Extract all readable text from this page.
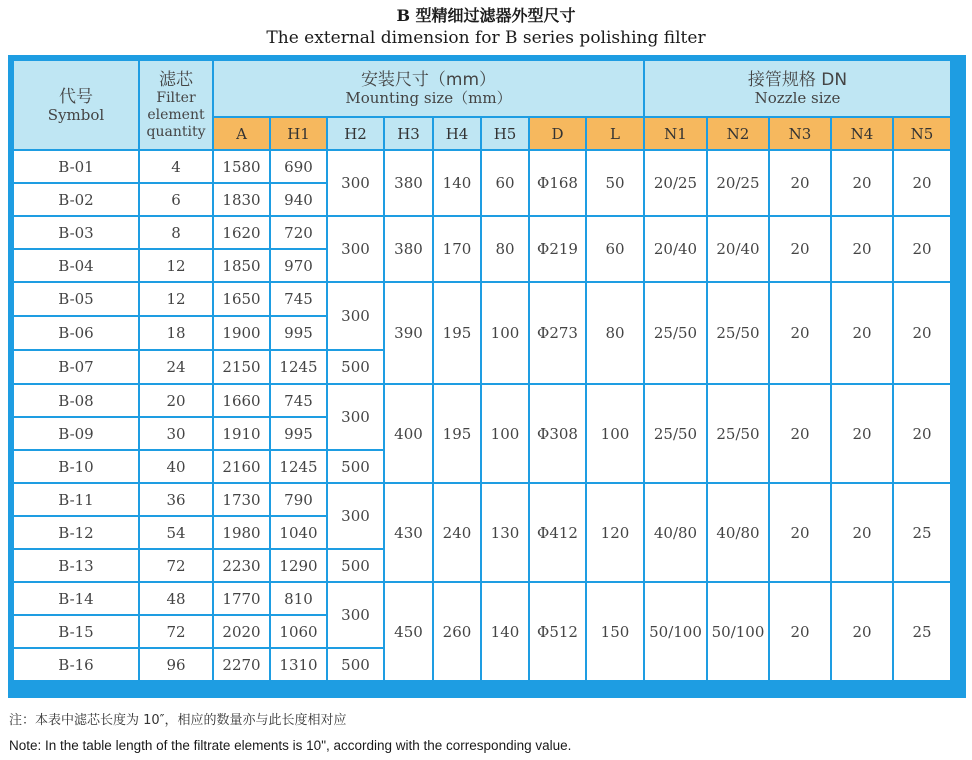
B 型精细过滤器外型尺寸
The external dimension for B series polishing filter
代号
Symbol	滤芯
Filter
element
quantity	安装尺寸（mm）
Mounting size（mm）								接管规格 DN
Nozzle size				

		A	H1	H2	H3	H4	H5	D	L	N1	N2	N3	N4	N5
B-01	4	1580	690	300	380	140	60	Φ168	50	20/25	20/25	20	20	20
B-02	6	1830	940											
B-03	8	1620	720	300	380	170	80	Φ219	60	20/40	20/40	20	20	20
B-04	12	1850	970											
B-05	12	1650	745	300	390	195	100	Φ273	80	25/50	25/50	20	20	20
B-06	18	1900	995											
B-07	24	2150	1245	500										
B-08	20	1660	745	300	400	195	100	Φ308	100	25/50	25/50	20	20	20
B-09	30	1910	995											
B-10	40	2160	1245	500										
B-11	36	1730	790	300	430	240	130	Φ412	120	40/80	40/80	20	20	25
B-12	54	1980	1040											
B-13	72	2230	1290	500										
B-14	48	1770	810	300	450	260	140	Φ512	150	50/100	50/100	20	20	25
B-15	72	2020	1060											
B-16	96	2270	1310	500										
注：本表中滤芯长度为 10″，相应的数量亦与此长度相对应
Note: In the table length of the filtrate elements is 10", according with the corresponding value.
